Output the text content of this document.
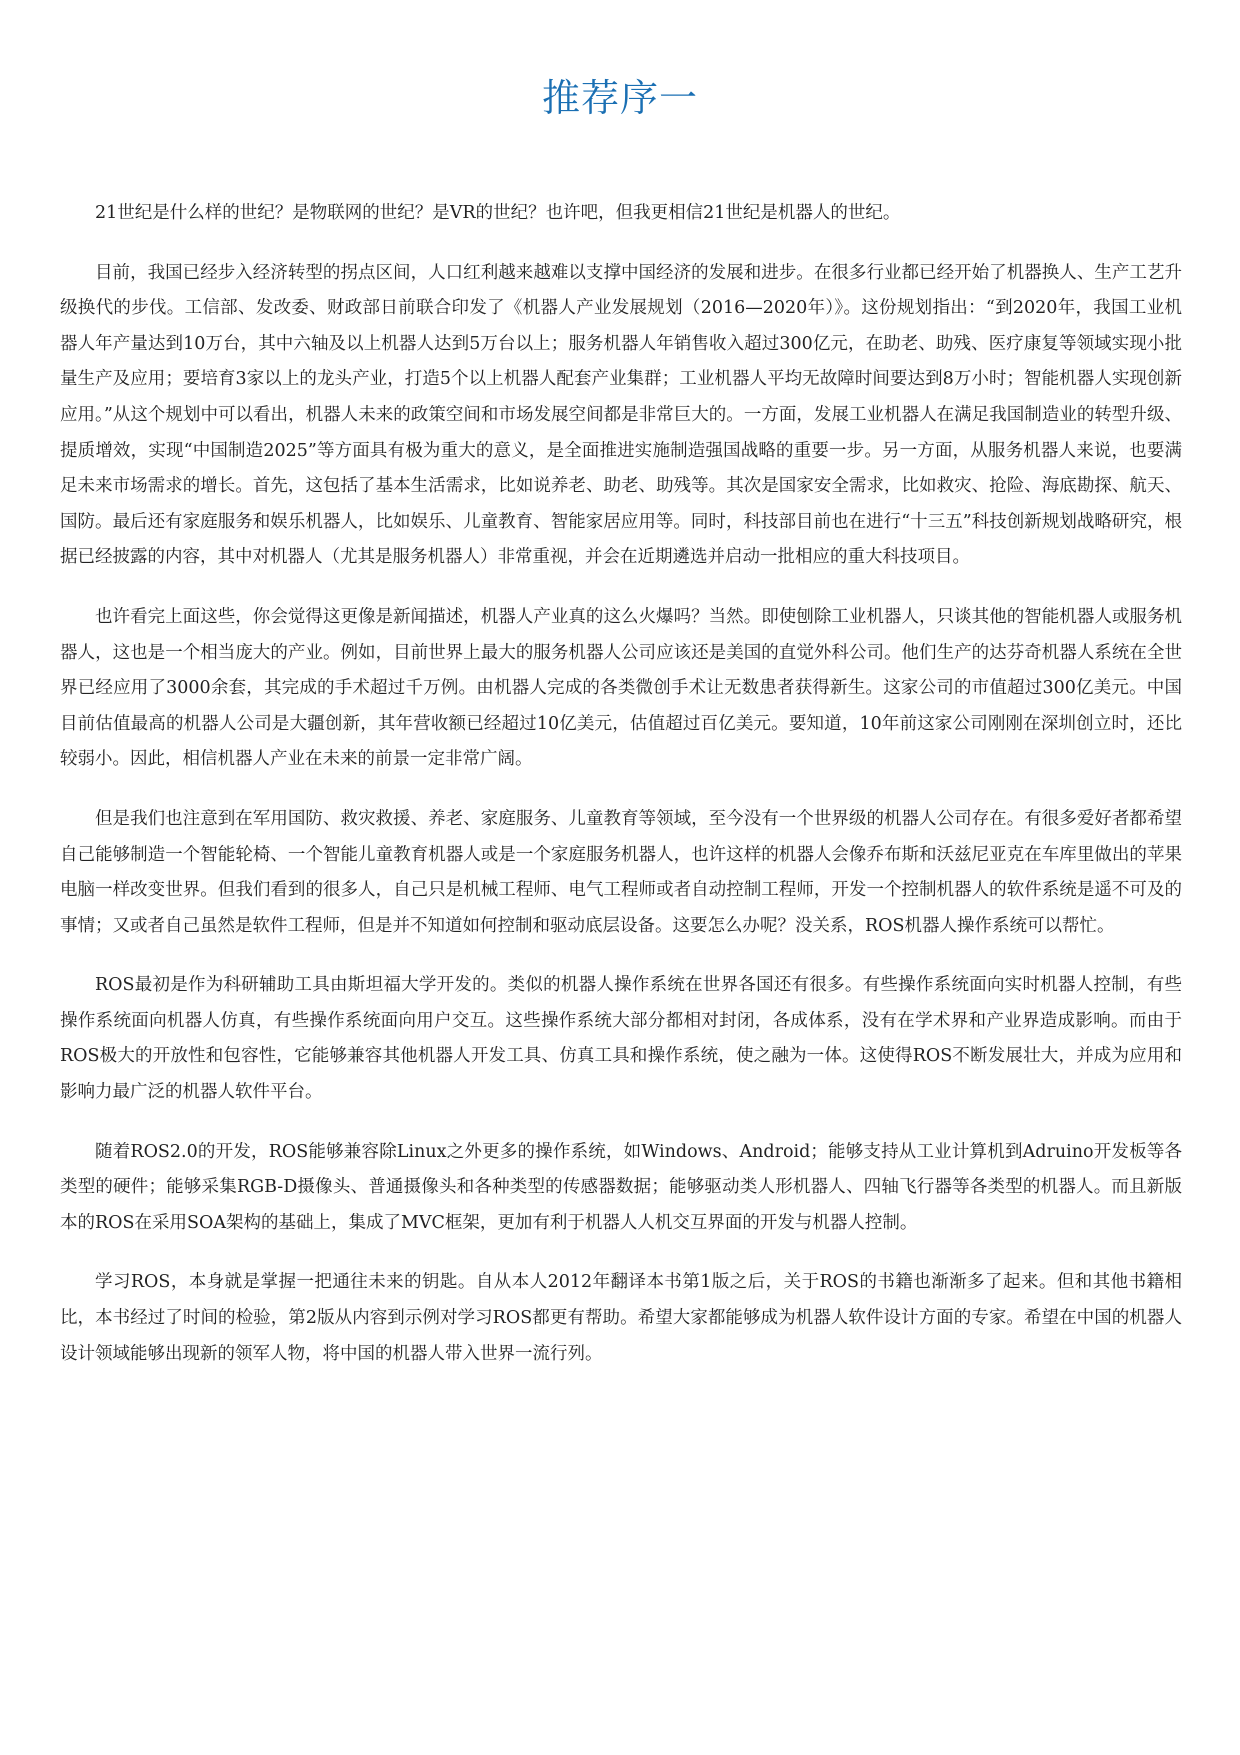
推荐序一

21世纪是什么样的世纪？是物联网的世纪？是VR的世纪？也许吧，但我更相信21世纪是机器人的世纪。

目前，我国已经步入经济转型的拐点区间，人口红利越来越难以支撑中国经济的发展和进步。在很多行业都已经开始了机器换人、生产工艺升级换代的步伐。工信部、发改委、财政部日前联合印发了《机器人产业发展规划（2016—2020年）》。这份规划指出：“到2020年，我国工业机器人年产量达到10万台，其中六轴及以上机器人达到5万台以上；服务机器人年销售收入超过300亿元，在助老、助残、医疗康复等领域实现小批量生产及应用；要培育3家以上的龙头产业，打造5个以上机器人配套产业集群；工业机器人平均无故障时间要达到8万小时；智能机器人实现创新应用。”从这个规划中可以看出，机器人未来的政策空间和市场发展空间都是非常巨大的。一方面，发展工业机器人在满足我国制造业的转型升级、提质增效，实现“中国制造2025”等方面具有极为重大的意义，是全面推进实施制造强国战略的重要一步。另一方面，从服务机器人来说，也要满足未来市场需求的增长。首先，这包括了基本生活需求，比如说养老、助老、助残等。其次是国家安全需求，比如救灾、抢险、海底勘探、航天、国防。最后还有家庭服务和娱乐机器人，比如娱乐、儿童教育、智能家居应用等。同时，科技部目前也在进行“十三五”科技创新规划战略研究，根据已经披露的内容，其中对机器人（尤其是服务机器人）非常重视，并会在近期遴选并启动一批相应的重大科技项目。

也许看完上面这些，你会觉得这更像是新闻描述，机器人产业真的这么火爆吗？当然。即使刨除工业机器人，只谈其他的智能机器人或服务机器人，这也是一个相当庞大的产业。例如，目前世界上最大的服务机器人公司应该还是美国的直觉外科公司。他们生产的达芬奇机器人系统在全世界已经应用了3000余套，其完成的手术超过千万例。由机器人完成的各类微创手术让无数患者获得新生。这家公司的市值超过300亿美元。中国目前估值最高的机器人公司是大疆创新，其年营收额已经超过10亿美元，估值超过百亿美元。要知道，10年前这家公司刚刚在深圳创立时，还比较弱小。因此，相信机器人产业在未来的前景一定非常广阔。

但是我们也注意到在军用国防、救灾救援、养老、家庭服务、儿童教育等领域，至今没有一个世界级的机器人公司存在。有很多爱好者都希望自己能够制造一个智能轮椅、一个智能儿童教育机器人或是一个家庭服务机器人，也许这样的机器人会像乔布斯和沃兹尼亚克在车库里做出的苹果电脑一样改变世界。但我们看到的很多人，自己只是机械工程师、电气工程师或者自动控制工程师，开发一个控制机器人的软件系统是遥不可及的事情；又或者自己虽然是软件工程师，但是并不知道如何控制和驱动底层设备。这要怎么办呢？没关系，ROS机器人操作系统可以帮忙。

ROS最初是作为科研辅助工具由斯坦福大学开发的。类似的机器人操作系统在世界各国还有很多。有些操作系统面向实时机器人控制，有些操作系统面向机器人仿真，有些操作系统面向用户交互。这些操作系统大部分都相对封闭，各成体系，没有在学术界和产业界造成影响。而由于ROS极大的开放性和包容性，它能够兼容其他机器人开发工具、仿真工具和操作系统，使之融为一体。这使得ROS不断发展壮大，并成为应用和影响力最广泛的机器人软件平台。

随着ROS2.0的开发，ROS能够兼容除Linux之外更多的操作系统，如Windows、Android；能够支持从工业计算机到Adruino开发板等各类型的硬件；能够采集RGB-D摄像头、普通摄像头和各种类型的传感器数据；能够驱动类人形机器人、四轴飞行器等各类型的机器人。而且新版本的ROS在采用SOA架构的基础上，集成了MVC框架，更加有利于机器人人机交互界面的开发与机器人控制。

学习ROS，本身就是掌握一把通往未来的钥匙。自从本人2012年翻译本书第1版之后，关于ROS的书籍也渐渐多了起来。但和其他书籍相比，本书经过了时间的检验，第2版从内容到示例对学习ROS都更有帮助。希望大家都能够成为机器人软件设计方面的专家。希望在中国的机器人设计领域能够出现新的领军人物，将中国的机器人带入世界一流行列。
